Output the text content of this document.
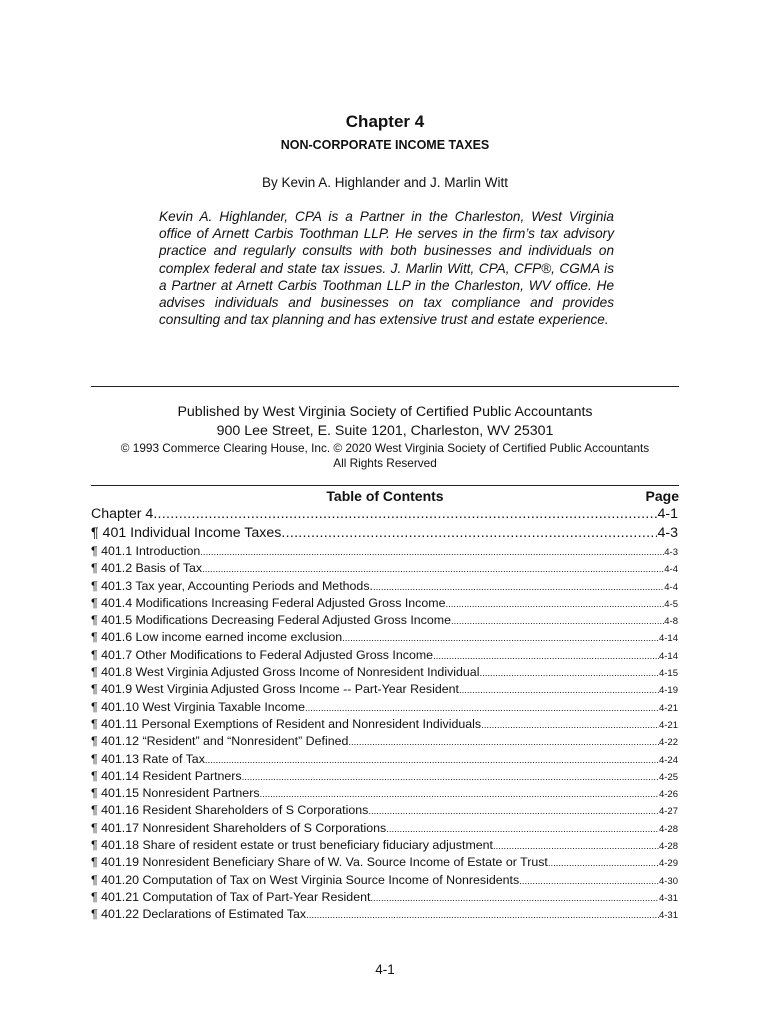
Chapter 4
NON-CORPORATE INCOME TAXES
By Kevin A. Highlander and J. Marlin Witt
Kevin A. Highlander, CPA is a Partner in the Charleston, West Virginia office of Arnett Carbis Toothman LLP. He serves in the firm’s tax advisory practice and regularly consults with both businesses and individuals on complex federal and state tax issues. J. Marlin Witt, CPA, CFP®, CGMA is a Partner at Arnett Carbis Toothman LLP in the Charleston, WV office. He advises individuals and businesses on tax compliance and provides consulting and tax planning and has extensive trust and estate experience.
Published by West Virginia Society of Certified Public Accountants
900 Lee Street, E. Suite 1201, Charleston, WV 25301
© 1993 Commerce Clearing House, Inc. © 2020 West Virginia Society of Certified Public Accountants
All Rights Reserved
Table of Contents	Page
Chapter 4 .....	4-1
¶ 401 Individual Income Taxes .....	4-3
¶ 401.1 Introduction .....	4-3
¶ 401.2 Basis of Tax .....	4-4
¶ 401.3 Tax year, Accounting Periods and Methods. .....	4-4
¶ 401.4 Modifications Increasing Federal Adjusted Gross Income .....	4-5
¶ 401.5 Modifications Decreasing Federal Adjusted Gross Income .....	4-8
¶ 401.6 Low income earned income exclusion .....	4-14
¶ 401.7 Other Modifications to Federal Adjusted Gross Income .....	4-14
¶ 401.8 West Virginia Adjusted Gross Income of Nonresident Individual .....	4-15
¶ 401.9 West Virginia Adjusted Gross Income -- Part-Year Resident .....	4-19
¶ 401.10 West Virginia Taxable Income .....	4-21
¶ 401.11 Personal Exemptions of Resident and Nonresident Individuals .....	4-21
¶ 401.12 “Resident” and “Nonresident” Defined .....	4-22
¶ 401.13 Rate of Tax .....	4-24
¶ 401.14 Resident Partners .....	4-25
¶ 401.15 Nonresident Partners .....	4-26
¶ 401.16 Resident Shareholders of S Corporations .....	4-27
¶ 401.17 Nonresident Shareholders of S Corporations .....	4-28
¶ 401.18 Share of resident estate or trust beneficiary fiduciary adjustment .....	4-28
¶ 401.19 Nonresident Beneficiary Share of W. Va. Source Income of Estate or Trust .....	4-29
¶ 401.20 Computation of Tax on West Virginia Source Income of Nonresidents .....	4-30
¶ 401.21 Computation of Tax of Part-Year Resident .....	4-31
¶ 401.22 Declarations of Estimated Tax .....	4-31
4-1
